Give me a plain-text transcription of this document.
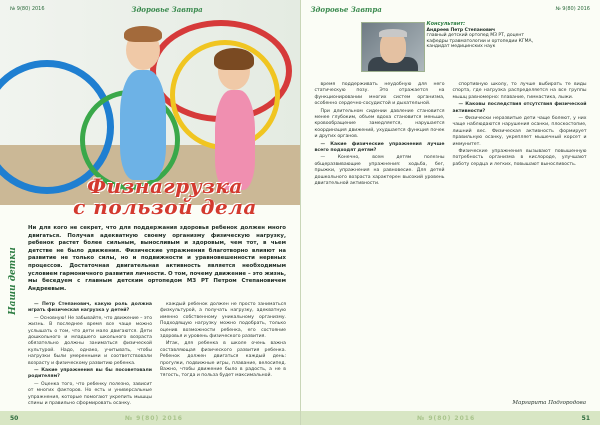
№ 9(80) 2016	Здоровье Завтра
Физнагрузка
с пользой дела
Наши детки
Ни для кого не секрет, что для поддержания здоровья ребенок должен много двигаться. Получая адекватную своему организму физическую нагрузку, ребенок растет более сильным, выносливым и здоровым, чем тот, в чьем детстве не было движения. Физические упражнения благотворно влияют на развитие не только силы, но и подвижности и уравновешенности нервных процессов. Достаточная двигательная активность является необходимым условием гармоничного развития личности. О том, почему движение – это жизнь, мы беседуем с главным детским ортопедом МЗ РТ Петром Степановичем Андреевым.

— Петр Степанович, какую роль должна играть физическая нагрузка у детей?

— Основную! Не забывайте, что движение – это жизнь. В последнее время все чаще можно услышать о том, что дети мало двигаются. Дети дошкольного и младшего школьного возраста обязательно должны заниматься физической культурой. Надо, однако, учитывать, чтобы нагрузки были умеренными и соответствовали возрасту и физическому развитию ребенка.

— Какие упражнения вы бы посоветовали родителям?

— Оценка того, что ребенку полезно, зависит от многих факторов. Но есть и универсальные упражнения, которые помогают укрепить мышцы спины и правильно сформировать осанку.

каждый ребенок должен не просто заниматься физкультурой, а получать нагрузку, адекватную именно собственному уникальному организму. Подходящую нагрузку можно подобрать, только оценив возможности ребенка, его состояние здоровья и уровень физического развития.

Итак, для ребенка в школе очень важна составляющая физического развития ребенка. Ребенок должен двигаться каждый день: прогулки, подвижные игры, плавание, велосипед. Важно, чтобы движение было в радость, а не в тягость, тогда и польза будет максимальной.

50	№ 9(80) 2016
Здоровье Завтра	№ 9(80) 2016
Консультант:
Андреев Петр Степанович
главный детский ортопед МЗ РТ, доцент кафедры травматологии и ортопедии КГМА, кандидат медицинских наук

время поддерживать неудобную для него статическую позу. Это отражается на функционировании многих систем организма, особенно сердечно-сосудистой и дыхательной.

При длительном сидении давление становится менее глубоким, объем вдоха становится меньше, кровообращение замедляется, нарушается координация движений, ухудшается функция почек и других органов.

— Какие физические упражнения лучше всего подходят детям?

— Конечно, всем детям полезны общеразвивающие упражнения: ходьба, бег, прыжки, упражнения на равновесие. Для детей дошкольного возраста характерен высокий уровень двигательной активности.

спортивную школу, то лучше выбирать те виды спорта, где нагрузка распределяется на все группы мышц равномерно: плавание, гимнастика, лыжи.

— Каковы последствия отсутствия физической активности?

— Физически неразвитые дети чаще болеют, у них чаще наблюдаются нарушения осанки, плоскостопие, лишний вес. Физическая активность формирует правильную осанку, укрепляет мышечный корсет и иммунитет.

Физические упражнения вызывают повышенную потребность организма в кислороде, улучшают работу сердца и легких, повышают выносливость.

Маргарита Подгородова
№ 9(80) 2016	51
